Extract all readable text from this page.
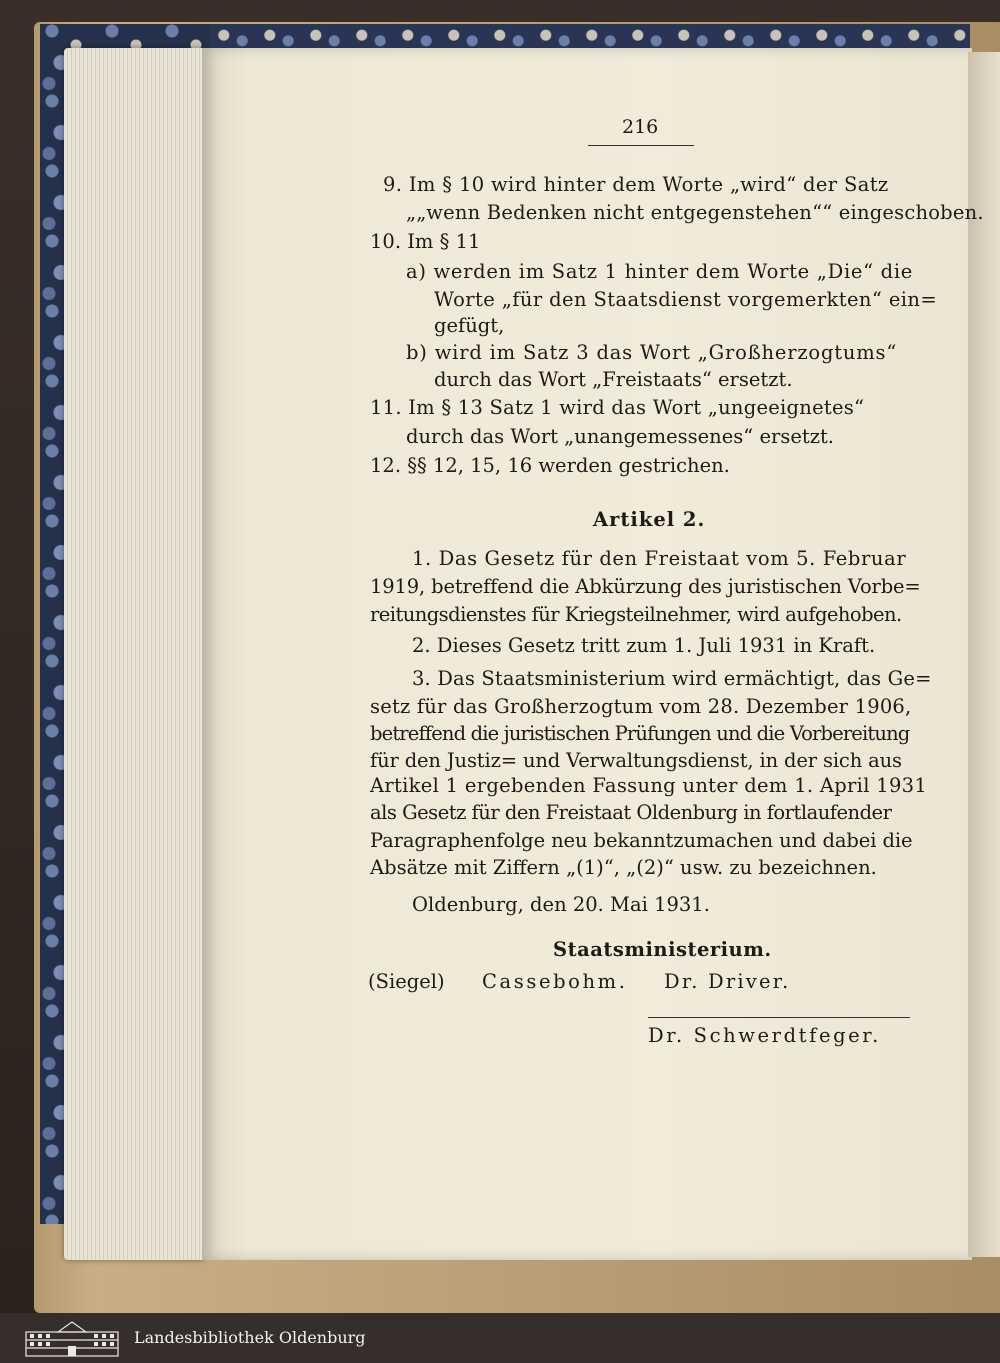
216
9. Im § 10 wird hinter dem Worte „wird“ der Satz
„„wenn Bedenken nicht entgegenstehen““ eingeschoben.
10. Im § 11
a) werden im Satz 1 hinter dem Worte „Die“ die
Worte „für den Staatsdienst vorgemerkten“ ein=
gefügt,
b) wird im Satz 3 das Wort „Großherzogtums“
durch das Wort „Freistaats“ ersetzt.
11. Im § 13 Satz 1 wird das Wort „ungeeignetes“
durch das Wort „unangemessenes“ ersetzt.
12. §§ 12, 15, 16 werden gestrichen.
Artikel 2.
1. Das Gesetz für den Freistaat vom 5. Februar
1919, betreffend die Abkürzung des juristischen Vorbe=
reitungsdienstes für Kriegsteilnehmer, wird aufgehoben.
2. Dieses Gesetz tritt zum 1. Juli 1931 in Kraft.
3. Das Staatsministerium wird ermächtigt, das Ge=
setz für das Großherzogtum vom 28. Dezember 1906,
betreffend die juristischen Prüfungen und die Vorbereitung
für den Justiz= und Verwaltungsdienst, in der sich aus
Artikel 1 ergebenden Fassung unter dem 1. April 1931
als Gesetz für den Freistaat Oldenburg in fortlaufender
Paragraphenfolge neu bekanntzumachen und dabei die
Absätze mit Ziffern „(1)“, „(2)“ usw. zu bezeichnen.
Oldenburg, den 20. Mai 1931.
Staatsministerium.
(Siegel) Cassebohm. Dr. Driver.
Dr. Schwerdtfeger.
Landesbibliothek Oldenburg
